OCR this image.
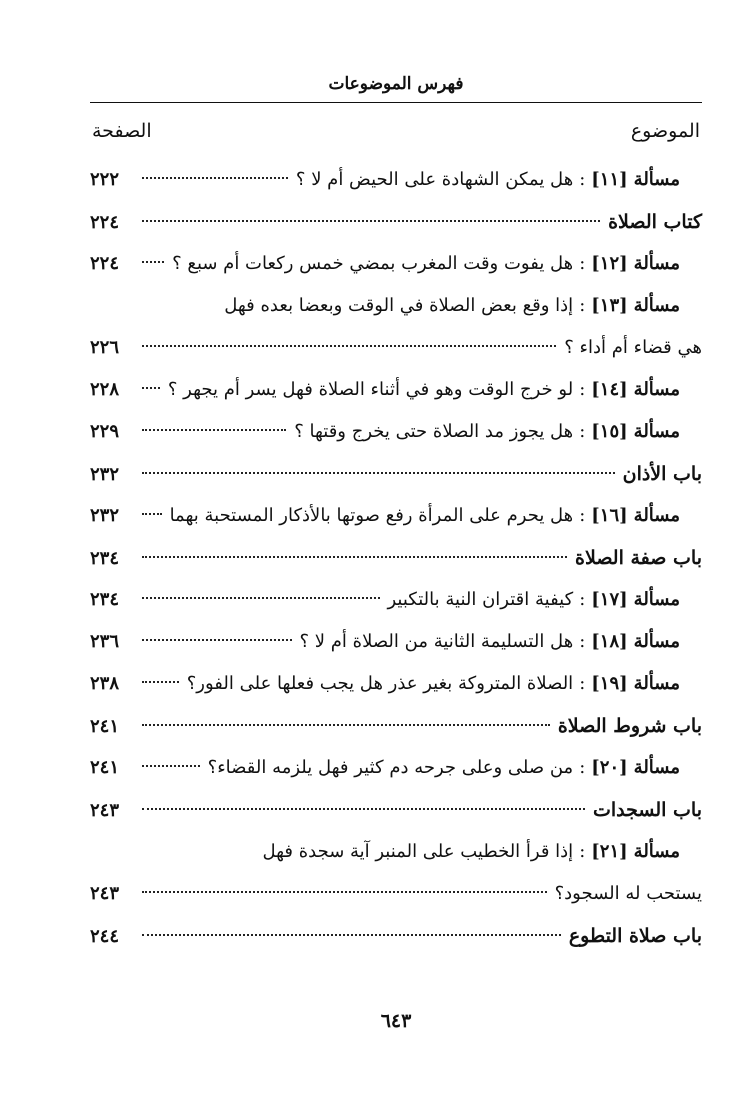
فهرس الموضوعات
الموضوع
الصفحة
مسألة
[١١]
:
هل يمكن الشهادة على الحيض أم لا ؟
٢٢٢
كتاب الصلاة
٢٢٤
مسألة
[١٢]
:
هل يفوت وقت المغرب بمضي خمس ركعات أم سبع ؟
٢٢٤
مسألة
[١٣]
:
إذا وقع بعض الصلاة في الوقت وبعضا بعده فهل
هي قضاء أم أداء ؟
٢٢٦
مسألة
[١٤]
:
لو خرج الوقت وهو في أثناء الصلاة فهل يسر أم يجهر ؟
٢٢٨
مسألة
[١٥]
:
هل يجوز مد الصلاة حتى يخرج وقتها ؟
٢٢٩
باب الأذان
٢٣٢
مسألة
[١٦]
:
هل يحرم على المرأة رفع صوتها بالأذكار المستحبة بهما
٢٣٢
باب صفة الصلاة
٢٣٤
مسألة
[١٧]
:
كيفية اقتران النية بالتكبير
٢٣٤
مسألة
[١٨]
:
هل التسليمة الثانية من الصلاة أم لا ؟
٢٣٦
مسألة
[١٩]
:
الصلاة المتروكة بغير عذر هل يجب فعلها على الفور؟
٢٣٨
باب شروط الصلاة
٢٤١
مسألة
[٢٠]
:
من صلى وعلى جرحه دم كثير فهل يلزمه القضاء؟
٢٤١
باب السجدات
٢٤٣
مسألة
[٢١]
:
إذا قرأ الخطيب على المنبر آية سجدة فهل
يستحب له السجود؟
٢٤٣
باب صلاة التطوع
٢٤٤
٦٤٣
